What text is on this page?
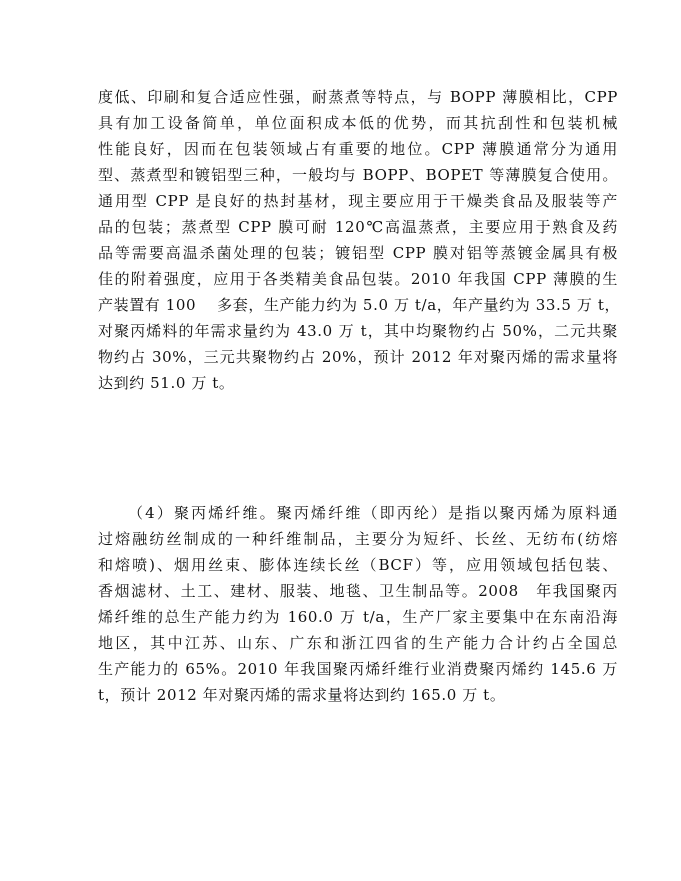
度低、印刷和复合适应性强，耐蒸煮等特点，与 BOPP 薄膜相比，CPP
具有加工设备简单，单位面积成本低的优势，而其抗刮性和包装机械
性能良好，因而在包装领域占有重要的地位。CPP 薄膜通常分为通用
型、蒸煮型和镀铝型三种，一般均与 BOPP、BOPET 等薄膜复合使用。
通用型 CPP 是良好的热封基材，现主要应用于干燥类食品及服装等产
品的包装；蒸煮型 CPP 膜可耐 120℃高温蒸煮，主要应用于熟食及药
品等需要高温杀菌处理的包装；镀铝型 CPP 膜对铝等蒸镀金属具有极
佳的附着强度，应用于各类精美食品包装。2010 年我国 CPP 薄膜的生
产装置有 100　 多套，生产能力约为 5.0 万 t/a，年产量约为 33.5 万 t，
对聚丙烯料的年需求量约为 43.0 万 t，其中均聚物约占 50%，二元共聚
物约占 30%，三元共聚物约占 20%，预计 2012 年对聚丙烯的需求量将
达到约 51.0 万 t。
（4）聚丙烯纤维。聚丙烯纤维（即丙纶）是指以聚丙烯为原料通
过熔融纺丝制成的一种纤维制品，主要分为短纤、长丝、无纺布(纺熔
和熔喷)、烟用丝束、膨体连续长丝（BCF）等，应用领域包括包装、
香烟滤材、土工、建材、服装、地毯、卫生制品等。2008　年我国聚丙
烯纤维的总生产能力约为 160.0 万 t/a，生产厂家主要集中在东南沿海
地区，其中江苏、山东、广东和浙江四省的生产能力合计约占全国总
生产能力的 65%。2010 年我国聚丙烯纤维行业消费聚丙烯约 145.6 万
t，预计 2012 年对聚丙烯的需求量将达到约 165.0 万 t。
